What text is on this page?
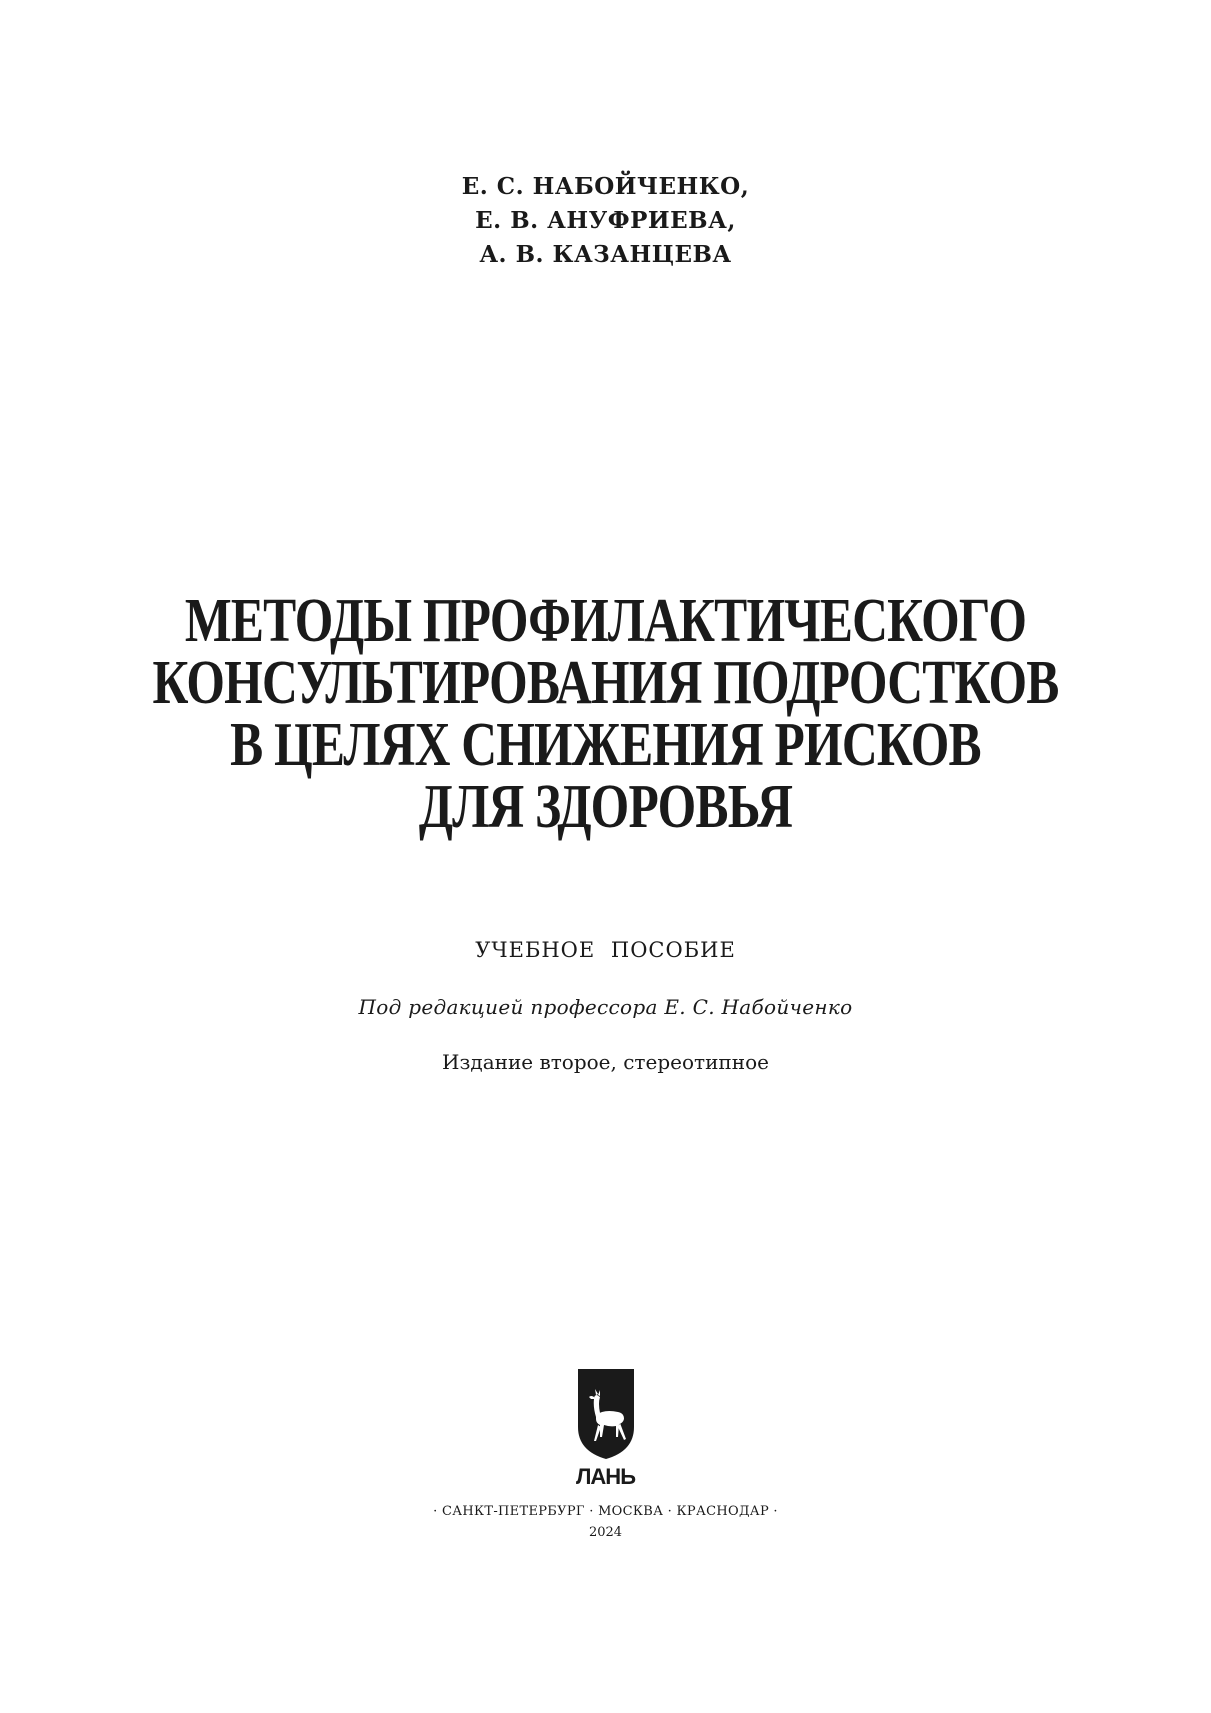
Е. С. НАБОЙЧЕНКО,
Е. В. АНУФРИЕВА,
А. В. КАЗАНЦЕВА
МЕТОДЫ ПРОФИЛАКТИЧЕСКОГО
КОНСУЛЬТИРОВАНИЯ ПОДРОСТКОВ
В ЦЕЛЯХ СНИЖЕНИЯ РИСКОВ
ДЛЯ ЗДОРОВЬЯ
УЧЕБНОЕ ПОСОБИЕ
Под редакцией профессора Е. С. Набойченко
Издание второе, стереотипное
ЛАНЬ
· САНКТ-ПЕТЕРБУРГ · МОСКВА · КРАСНОДАР ·
2024
